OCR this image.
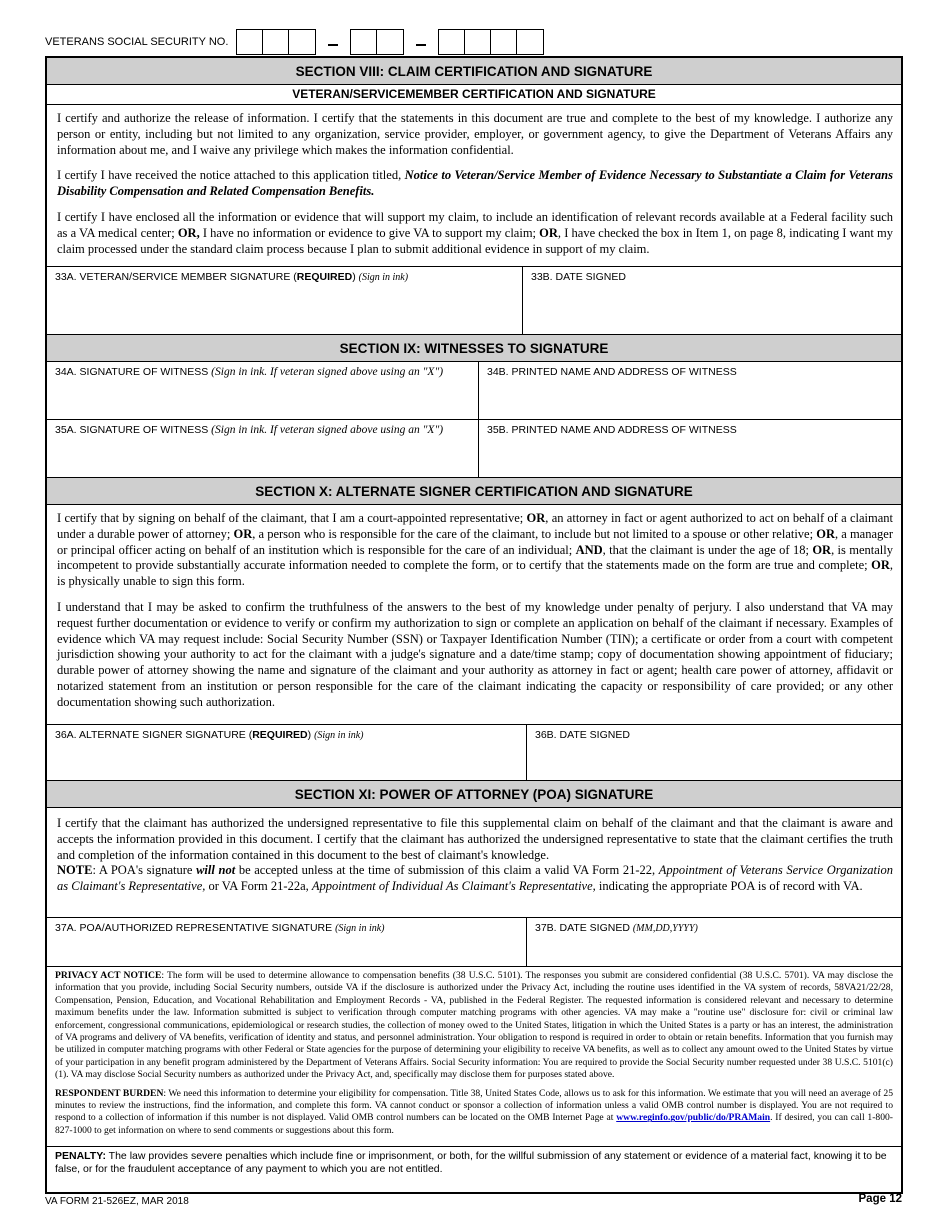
VETERANS SOCIAL SECURITY NO.
SECTION VIII: CLAIM CERTIFICATION AND SIGNATURE
VETERAN/SERVICEMEMBER CERTIFICATION AND SIGNATURE

I certify and authorize the release of information. I certify that the statements in this document are true and complete to the best of my knowledge. I authorize any person or entity, including but not limited to any organization, service provider, employer, or government agency, to give the Department of Veterans Affairs any information about me, and I waive any privilege which makes the information confidential.

I certify I have received the notice attached to this application titled, Notice to Veteran/Service Member of Evidence Necessary to Substantiate a Claim for Veterans Disability Compensation and Related Compensation Benefits.

I certify I have enclosed all the information or evidence that will support my claim, to include an identification of relevant records available at a Federal facility such as a VA medical center; OR, I have no information or evidence to give VA to support my claim; OR, I have checked the box in Item 1, on page 8, indicating I want my claim processed under the standard claim process because I plan to submit additional evidence in support of my claim.

33A. VETERAN/SERVICE MEMBER SIGNATURE (REQUIRED) (Sign in ink)	33B. DATE SIGNED
SECTION IX: WITNESSES TO SIGNATURE
34A. SIGNATURE OF WITNESS (Sign in ink. If veteran signed above using an "X")	34B. PRINTED NAME AND ADDRESS OF WITNESS
35A. SIGNATURE OF WITNESS (Sign in ink. If veteran signed above using an "X")	35B. PRINTED NAME AND ADDRESS OF WITNESS
SECTION X: ALTERNATE SIGNER CERTIFICATION AND SIGNATURE

I certify that by signing on behalf of the claimant, that I am a court-appointed representative; OR, an attorney in fact or agent authorized to act on behalf of a claimant under a durable power of attorney; OR, a person who is responsible for the care of the claimant, to include but not limited to a spouse or other relative; OR, a manager or principal officer acting on behalf of an institution which is responsible for the care of an individual; AND, that the claimant is under the age of 18; OR, is mentally incompetent to provide substantially accurate information needed to complete the form, or to certify that the statements made on the form are true and complete; OR, is physically unable to sign this form.

I understand that I may be asked to confirm the truthfulness of the answers to the best of my knowledge under penalty of perjury. I also understand that VA may request further documentation or evidence to verify or confirm my authorization to sign or complete an application on behalf of the claimant if necessary. Examples of evidence which VA may request include: Social Security Number (SSN) or Taxpayer Identification Number (TIN); a certificate or order from a court with competent jurisdiction showing your authority to act for the claimant with a judge's signature and a date/time stamp; copy of documentation showing appointment of fiduciary; durable power of attorney showing the name and signature of the claimant and your authority as attorney in fact or agent; health care power of attorney, affidavit or notarized statement from an institution or person responsible for the care of the claimant indicating the capacity or responsibility of care provided; or any other documentation showing such authorization.

36A. ALTERNATE SIGNER SIGNATURE (REQUIRED) (Sign in ink)	36B. DATE SIGNED
SECTION XI: POWER OF ATTORNEY (POA) SIGNATURE
I certify that the claimant has authorized the undersigned representative to file this supplemental claim on behalf of the claimant and that the claimant is aware and accepts the information provided in this document. I certify that the claimant has authorized the undersigned representative to state that the claimant certifies the truth and completion of the information contained in this document to the best of claimant's knowledge.
NOTE: A POA's signature will not be accepted unless at the time of submission of this claim a valid VA Form 21-22, Appointment of Veterans Service Organization as Claimant's Representative, or VA Form 21-22a, Appointment of Individual As Claimant's Representative, indicating the appropriate POA is of record with VA.
37A. POA/AUTHORIZED REPRESENTATIVE SIGNATURE (Sign in ink)	37B. DATE SIGNED (MM,DD,YYYY)

PRIVACY ACT NOTICE: The form will be used to determine allowance to compensation benefits (38 U.S.C. 5101). The responses you submit are considered confidential (38 U.S.C. 5701). VA may disclose the information that you provide, including Social Security numbers, outside VA if the disclosure is authorized under the Privacy Act, including the routine uses identified in the VA system of records, 58VA21/22/28, Compensation, Pension, Education, and Vocational Rehabilitation and Employment Records - VA, published in the Federal Register. The requested information is considered relevant and necessary to determine maximum benefits under the law. Information submitted is subject to verification through computer matching programs with other agencies. VA may make a "routine use" disclosure for: civil or criminal law enforcement, congressional communications, epidemiological or research studies, the collection of money owed to the United States, litigation in which the United States is a party or has an interest, the administration of VA programs and delivery of VA benefits, verification of identity and status, and personnel administration. Your obligation to respond is required in order to obtain or retain benefits. Information that you furnish may be utilized in computer matching programs with other Federal or State agencies for the purpose of determining your eligibility to receive VA benefits, as well as to collect any amount owed to the United States by virtue of your participation in any benefit program administered by the Department of Veterans Affairs. Social Security information: You are required to provide the Social Security number requested under 38 U.S.C. 5101(c)(1). VA may disclose Social Security numbers as authorized under the Privacy Act, and, specifically may disclose them for purposes stated above.

RESPONDENT BURDEN: We need this information to determine your eligibility for compensation. Title 38, United States Code, allows us to ask for this information. We estimate that you will need an average of 25 minutes to review the instructions, find the information, and complete this form. VA cannot conduct or sponsor a collection of information unless a valid OMB control number is displayed. You are not required to respond to a collection of information if this number is not displayed. Valid OMB control numbers can be located on the OMB Internet Page at www.reginfo.gov/public/do/PRAMain. If desired, you can call 1-800-827-1000 to get information on where to send comments or suggestions about this form.

PENALTY: The law provides severe penalties which include fine or imprisonment, or both, for the willful submission of any statement or evidence of a material fact, knowing it to be false, or for the fraudulent acceptance of any payment to which you are not entitled.
VA FORM 21-526EZ, MAR 2018	Page 12
